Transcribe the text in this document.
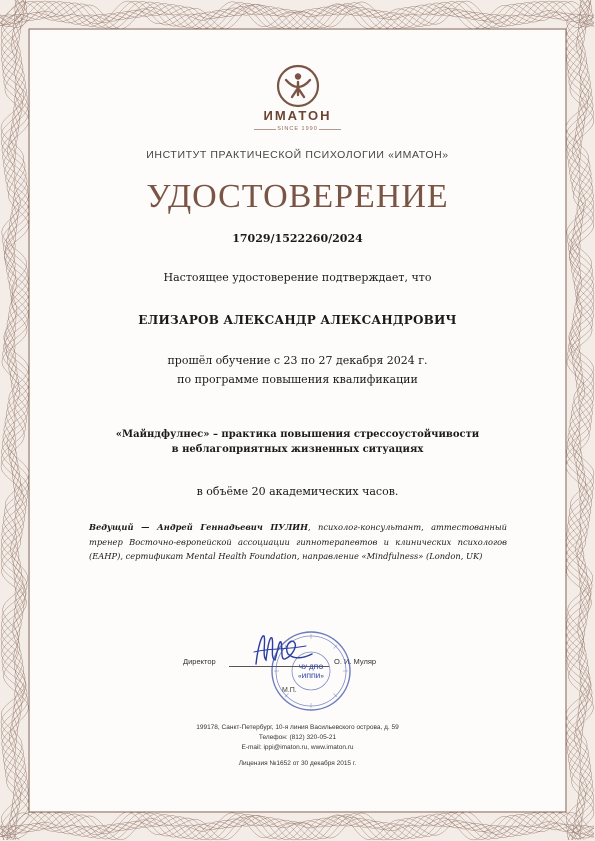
ИМАТОН
SINCE 1990
ИНСТИТУТ ПРАКТИЧЕСКОЙ ПСИХОЛОГИИ «ИМАТОН»
УДОСТОВЕРЕНИЕ
17029/1522260/2024
Настоящее удостоверение подтверждает, что
ЕЛИЗАРОВ АЛЕКСАНДР АЛЕКСАНДРОВИЧ
прошёл обучение с 23 по 27 декабря 2024 г.
по программе повышения квалификации
«Майндфулнес» – практика повышения стрессоустойчивости
в неблагоприятных жизненных ситуациях
в объёме 20 академических часов.
Ведущий — Андрей Геннадьевич ПУЛИН, психолог-консультант, аттестованный тренер Восточно-европейской ассоциации гипнотерапевтов и клинических психологов (EAHP), сертификат Mental Health Foundation, направление «Mindfulness» (London, UK)
Директор	О. И. Муляр
М.П.
ЧУ ДПО
«ИППИ»
199178, Санкт-Петербург, 10-я линия Васильевского острова, д. 59
Телефон: (812) 320-05-21
E-mail: ippi@imaton.ru, www.imaton.ru
Лицензия №1652 от 30 декабря 2015 г.
